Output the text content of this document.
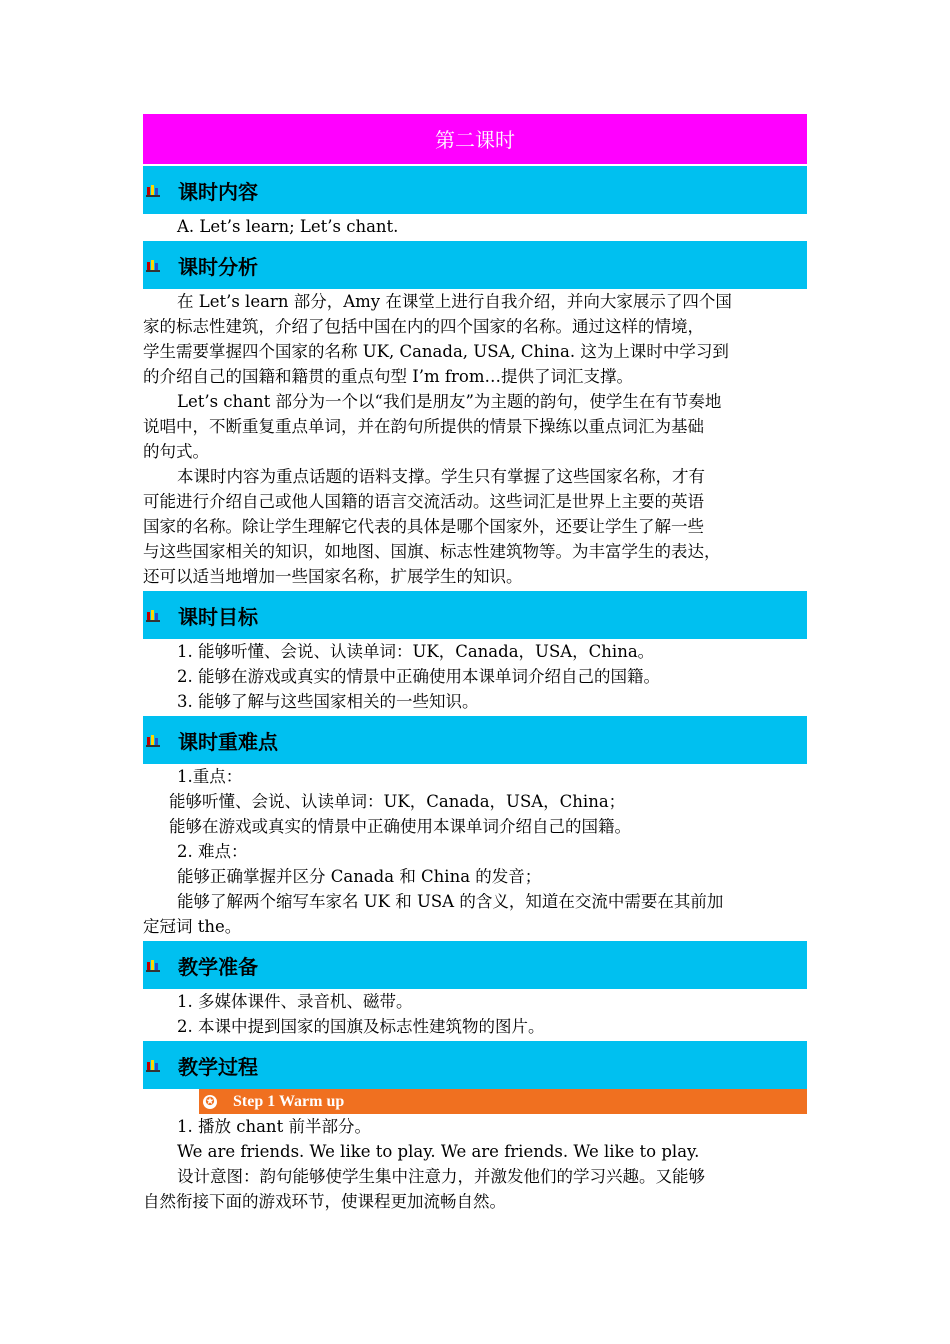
第二课时
课时内容

A. Let’s learn; Let’s chant.

课时分析

在 Let’s learn 部分，Amy 在课堂上进行自我介绍，并向大家展示了四个国

家的标志性建筑，介绍了包括中国在内的四个国家的名称。通过这样的情境，

学生需要掌握四个国家的名称 UK, Canada, USA, China. 这为上课时中学习到

的介绍自己的国籍和籍贯的重点句型 I’m from…提供了词汇支撑。

Let’s chant 部分为一个以“我们是朋友”为主题的韵句，使学生在有节奏地

说唱中，不断重复重点单词，并在韵句所提供的情景下操练以重点词汇为基础

的句式。

本课时内容为重点话题的语料支撑。学生只有掌握了这些国家名称，才有

可能进行介绍自己或他人国籍的语言交流活动。这些词汇是世界上主要的英语

国家的名称。除让学生理解它代表的具体是哪个国家外，还要让学生了解一些

与这些国家相关的知识，如地图、国旗、标志性建筑物等。为丰富学生的表达，

还可以适当地增加一些国家名称，扩展学生的知识。

课时目标

1. 能够听懂、会说、认读单词：UK，Canada，USA，China。

2. 能够在游戏或真实的情景中正确使用本课单词介绍自己的国籍。

3. 能够了解与这些国家相关的一些知识。

课时重难点

1.重点：

能够听懂、会说、认读单词：UK，Canada，USA，China；

能够在游戏或真实的情景中正确使用本课单词介绍自己的国籍。

2. 难点：

能够正确掌握并区分 Canada 和 China 的发音；

能够了解两个缩写车家名 UK 和 USA 的含义，知道在交流中需要在其前加

定冠词 the。

教学准备

1. 多媒体课件、录音机、磁带。

2. 本课中提到国家的国旗及标志性建筑物的图片。

教学过程
✪ Step 1 Warm up

1. 播放 chant 前半部分。

We are friends. We like to play. We are friends. We like to play.

设计意图：韵句能够使学生集中注意力，并激发他们的学习兴趣。又能够

自然衔接下面的游戏环节，使课程更加流畅自然。
